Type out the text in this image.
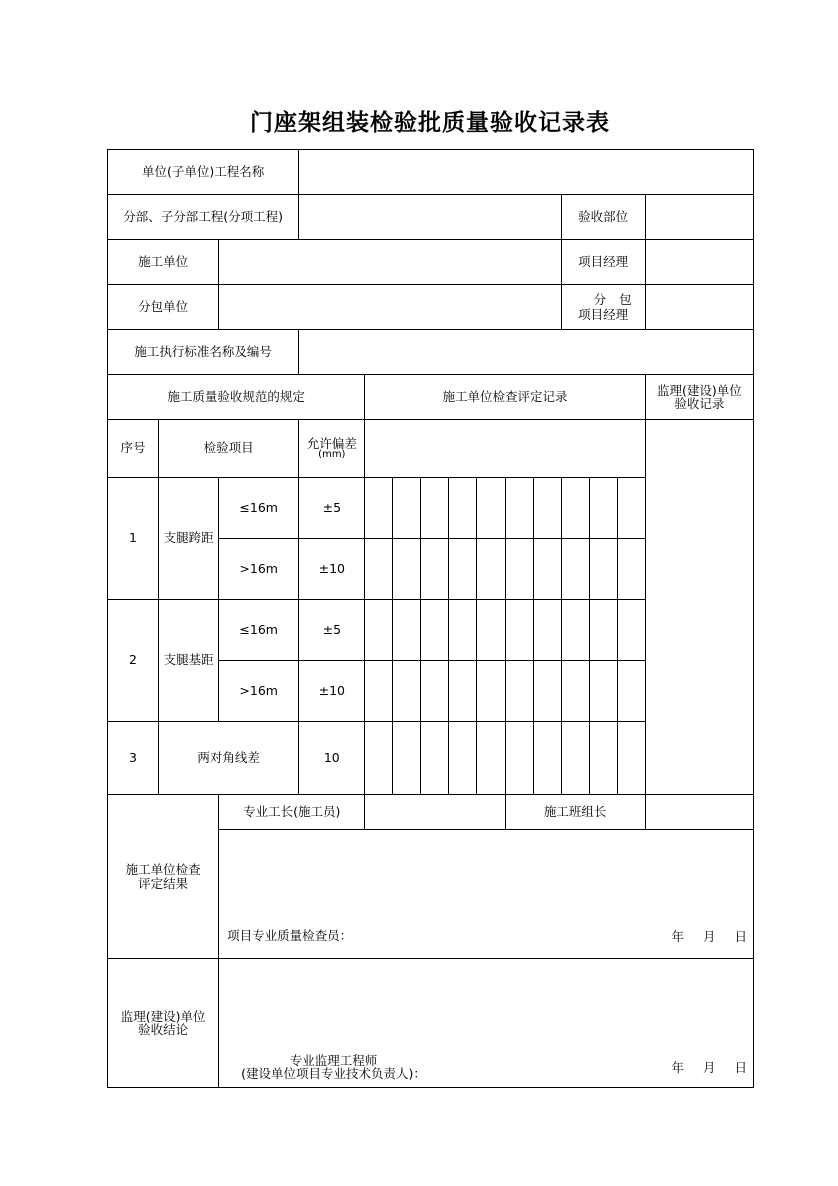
门座架组装检验批质量验收记录表
单位(子单位)工程名称														
分部、子分部工程(分项工程)											验收部位			
施工单位											项目经理			
分包单位											分 包
项目经理			

施工执行标准名称及编号														
施工质量验收规范的规定				施工单位检查评定记录										监理(建设)单位
验收记录

序号	检验项目		允许偏差
(mm)											

1	支腿跨距	≤16m	±5											
		>16m	±10											
2	支腿基距	≤16m	±5											
		>16m	±10											
3	两对角线差		10											

施工单位检查
评定结果		专业工长(施工员)							施工班组长					

		项目专业质量检查员： 年 月 日												

监理(建设)单位
验收结论		专业监理工程师
(建设单位项目专业技术负责人)： 年 月 日												
